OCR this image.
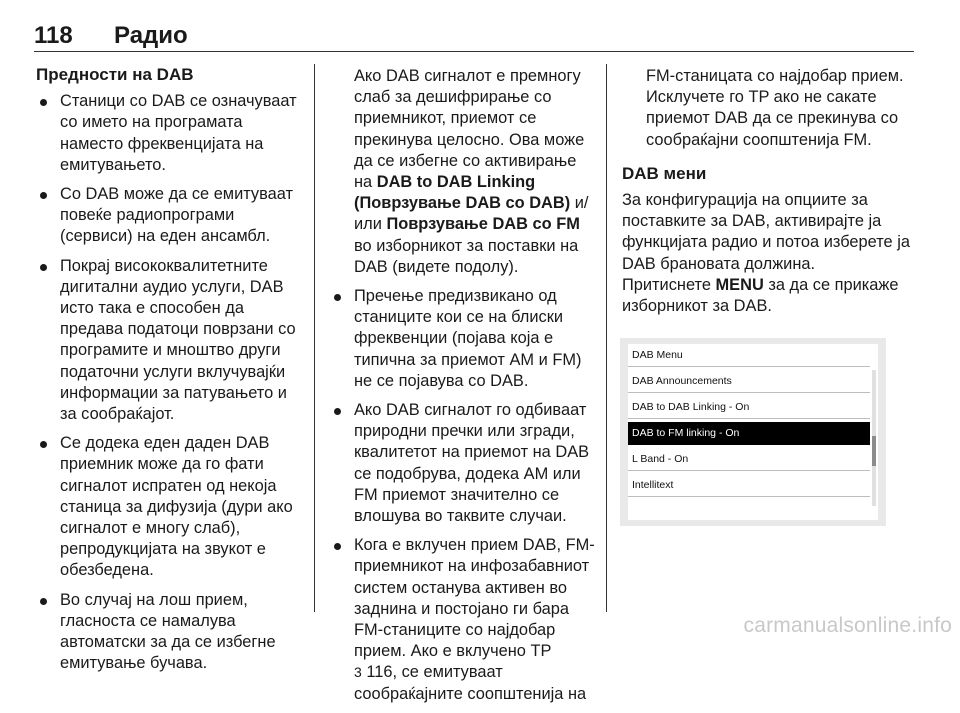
118 Радио
Предности на DAB
Станици со DAB се означуваат со името на програмата наместо фреквенцијата на емитувањето.
Со DAB може да се емитуваат повеќе радиопрограми (сервиси) на еден ансамбл.
Покрај висококвалитетните дигитални аудио услуги, DAB исто така е способен да предава податоци поврзани со програмите и мноштво други податочни услуги вклучувајќи информации за патувањето и за сообраќајот.
Се додека еден даден DAB приемник може да го фати сигналот испратен од некоја станица за дифузија (дури ако сигналот е многу слаб), репродукцијата на звукот е обезбедена.
Во случај на лош прием, гласноста се намалува автоматски за да се избегне емитување бучава.
Ако DAB сигналот е премногу слаб за дешифрирање со приемникот, приемот се прекинува целосно. Ова може да се избегне со активирање на DAB to DAB Linking (Поврзување DAB со DAB) и/или Поврзување DAB со FM во изборникот за поставки на DAB (видете подолу).
Пречење предизвикано од станиците кои се на блиски фреквенции (појава која е типична за приемот AM и FM) не се појавува со DAB.
Ако DAB сигналот го одбиваат природни пречки или згради, квалитетот на приемот на DAB се подобрува, додека AM или FM приемот значително се влошува во таквите случаи.
Кога е вклучен прием DAB, FM-приемникот на инфозабавниот систем останува активен во заднина и постојано ги бара FM-станиците со најдобар прием. Ако е вклучено TP
3 116, се емитуваат сообраќајните соопштенија на
FM-станицата со најдобар прием. Исклучете го TP ако не сакате приемот DAB да се прекинува со сообраќајни соопштенија FM.
DAB мени

За конфигурација на опциите за поставките за DAB, активирајте ја функцијата радио и потоа изберете ја DAB брановата должина.

Притиснете MENU за да се прикаже изборникот за DAB.

DAB Menu
DAB Announcements
DAB to DAB Linking - On
DAB to FM linking - On
L Band - On
Intellitext
carmanualsonline.info
